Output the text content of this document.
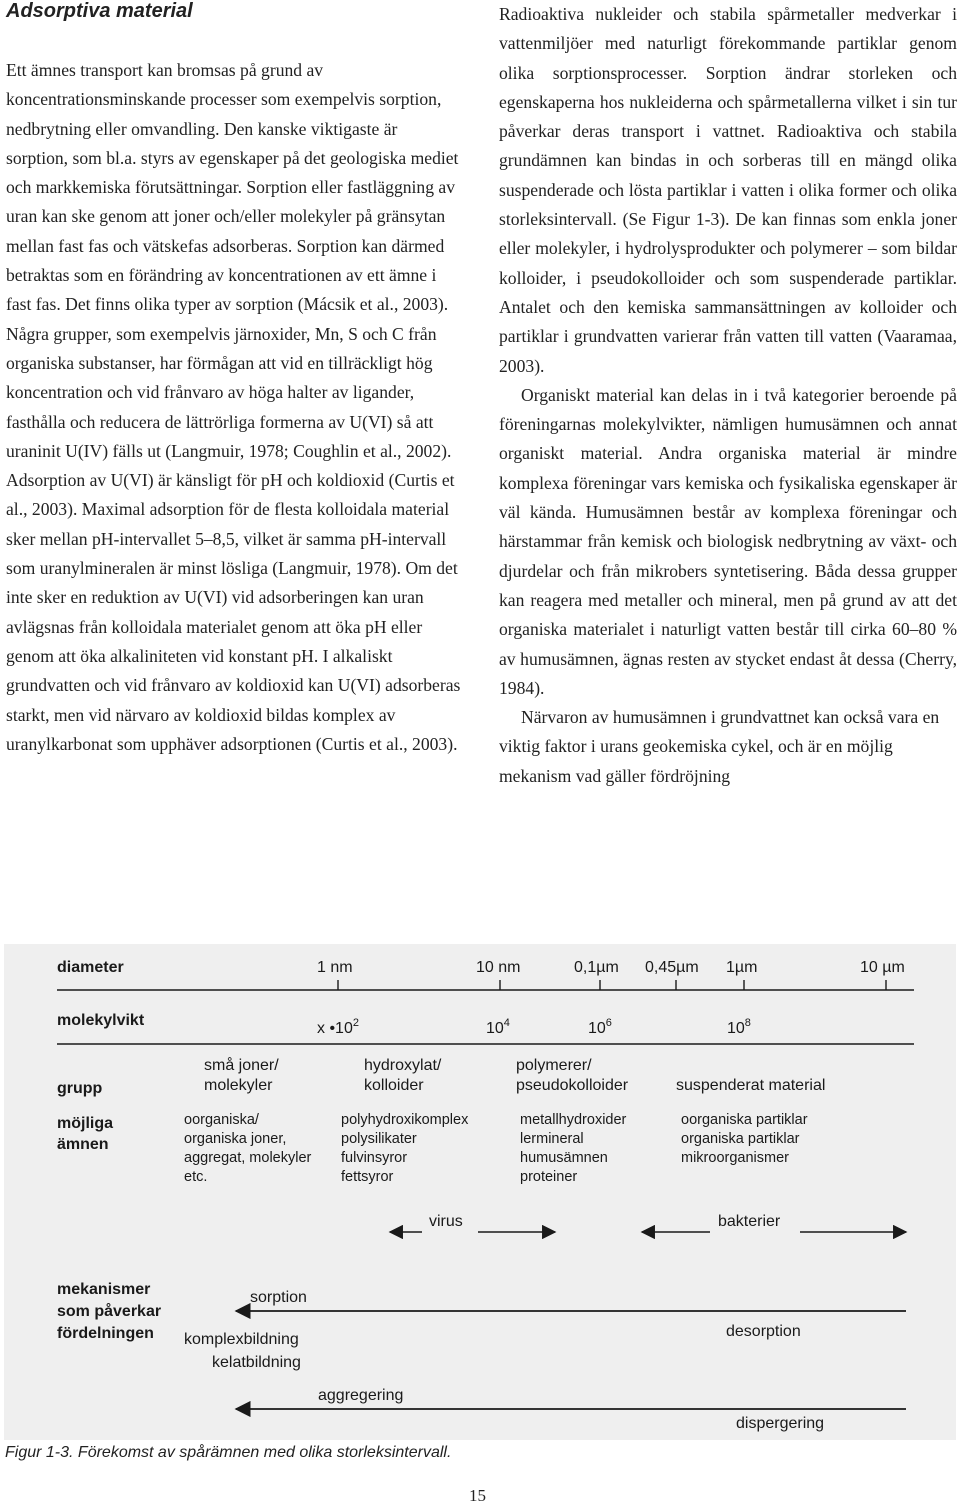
Adsorptiva material

Ett ämnes transport kan bromsas på grund av koncentrationsminskande processer som exempelvis sorption, nedbrytning eller omvandling. Den kanske viktigaste är sorption, som bl.a. styrs av egenskaper på det geologiska mediet och markkemiska förutsättningar. Sorption eller fastläggning av uran kan ske genom att joner och/eller molekyler på gränsytan mellan fast fas och vätskefas adsorberas. Sorption kan därmed betraktas som en förändring av koncentrationen av ett ämne i fast fas. Det finns olika typer av sorption (Mácsik et al., 2003). Några grupper, som exempelvis järnoxider, Mn, S och C från organiska substanser, har förmågan att vid en tillräckligt hög koncentration och vid frånvaro av höga halter av ligander, fasthålla och reducera de lättrörliga formerna av U(VI) så att uraninit U(IV) fälls ut (Langmuir, 1978; Coughlin et al., 2002). Adsorption av U(VI) är känsligt för pH och koldioxid (Curtis et al., 2003). Maximal adsorption för de flesta kolloidala material sker mellan pH-intervallet 5–8,5, vilket är samma pH-intervall som uranylmineralen är minst lösliga (Langmuir, 1978). Om det inte sker en reduktion av U(VI) vid adsorberingen kan uran avlägsnas från kolloidala materialet genom att öka pH eller genom att öka alkaliniteten vid konstant pH. I alkaliskt grundvatten och vid frånvaro av koldioxid kan U(VI) adsorberas starkt, men vid närvaro av koldioxid bildas komplex av uranylkarbonat som upphäver adsorptionen (Curtis et al., 2003).

Radioaktiva nukleider och stabila spårmetaller medverkar i vattenmiljöer med naturligt förekommande partiklar genom olika sorptionsprocesser. Sorption ändrar storleken och egenskaperna hos nukleiderna och spårmetallerna vilket i sin tur påverkar deras transport i vattnet. Radioaktiva och stabila grundämnen kan bindas in och sorberas till en mängd olika suspenderade och lösta partiklar i vatten i olika former och olika storleksintervall. (Se Figur 1-3). De kan finnas som enkla joner eller molekyler, i hydrolysprodukter och polymerer – som bildar kolloider, i pseudokolloider och som suspenderade partiklar. Antalet och den kemiska sammansättningen av kolloider och partiklar i grundvatten varierar från vatten till vatten (Vaaramaa, 2003).

Organiskt material kan delas in i två kategorier beroende på föreningarnas molekylvikter, nämligen humusämnen och annat organiskt material. Andra organiska material är mindre komplexa föreningar vars kemiska och fysikaliska egenskaper är väl kända. Humusämnen består av komplexa föreningar och härstammar från kemisk och biologisk nedbrytning av växt- och djurdelar och från mikrobers syntetisering. Båda dessa grupper kan reagera med metaller och mineral, men på grund av att det organiska materialet i naturligt vatten består till cirka 60–80 % av humusämnen, ägnas resten av stycket endast åt dessa (Cherry, 1984).

Närvaron av humusämnen i grundvattnet kan också vara en viktig faktor i urans geokemiska cykel, och är en möjlig mekanism vad gäller fördröjning

diameter
molekylvikt
grupp
möjliga
ämnen
mekanismer
som påverkar
fördelningen
1 nm	10 nm	0,1µm 0,45µm 1µm	10 µm
x $•10^2$	$10^4$	$10^6$	$10^8$
små joner/
molekyler
hydroxylat/
kolloider
polymerer/
pseudokolloider	suspenderat material
oorganiska/
organiska joner,
aggregat, molekyler
etc.
polyhydroxikomplex
polysilikater
fulvinsyror
fettsyror
metallhydroxider
lermineral
humusämnen
proteiner
oorganiska partiklar
organiska partiklar
mikroorganismer
virus	bakterier
sorption
desorption
komplexbildning
kelatbildning
aggregering
dispergering
Figur 1-3. Förekomst av spårämnen med olika storleksintervall.
15
